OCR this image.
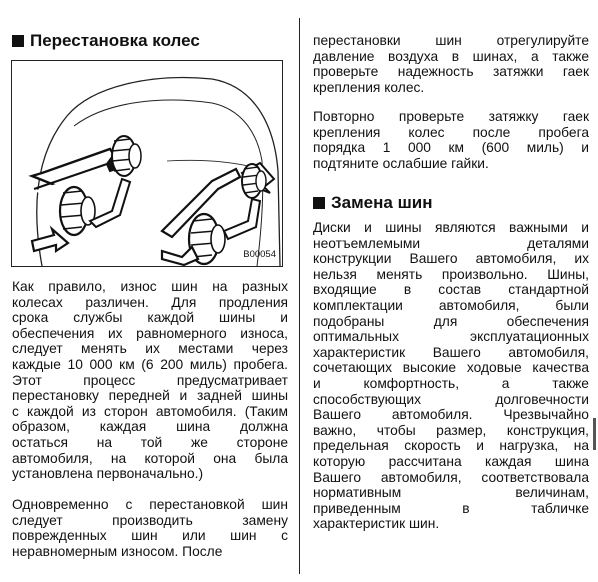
Перестановка колес
B00054
Как правило, износ шин на разных
колесах различен. Для продления
срока службы каждой шины и
обеспечения их равномерного износа,
следует менять их местами через
каждые 10 000 км (6 200 миль) пробега.
Этот процесс предусматривает
перестановку передней и задней шины
с каждой из сторон автомобиля. (Таким
образом, каждая шина должна
остаться на той же стороне
автомобиля, на которой она была
установлена первоначально.)
Одновременно с перестановкой шин
следует производить замену
поврежденных шин или шин с
неравномерным износом. После
перестановки шин отрегулируйте
давление воздуха в шинах, а также
проверьте надежность затяжки гаек
крепления колес.
Повторно проверьте затяжку гаек
крепления колес после пробега
порядка 1 000 км (600 миль) и
подтяните ослабшие гайки.
Замена шин
Диски и шины являются важными и
неотъемлемыми деталями
конструкции Вашего автомобиля, их
нельзя менять произвольно. Шины,
входящие в состав стандартной
комплектации автомобиля, были
подобраны для обеспечения
оптимальных эксплуатационных
характеристик Вашего автомобиля,
сочетающих высокие ходовые качества
и комфортность, а также
способствующих долговечности
Вашего автомобиля. Чрезвычайно
важно, чтобы размер, конструкция,
предельная скорость и нагрузка, на
которую рассчитана каждая шина
Вашего автомобиля, соответствовала
нормативным величинам,
приведенным в табличке
характеристик шин.
